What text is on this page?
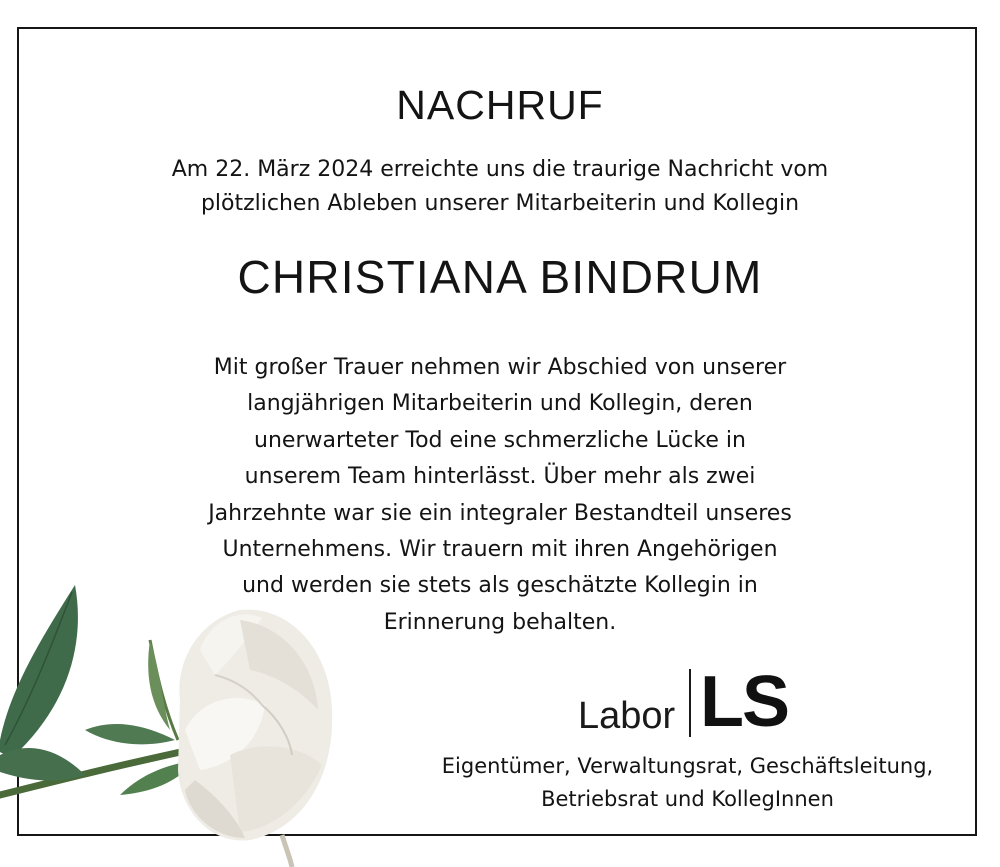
NACHRUF
Am 22. März 2024 erreichte uns die traurige Nachricht vom
plötzlichen Ableben unserer Mitarbeiterin und Kollegin
CHRISTIANA BINDRUM
Mit großer Trauer nehmen wir Abschied von unserer
langjährigen Mitarbeiterin und Kollegin, deren
unerwarteter Tod eine schmerzliche Lücke in
unserem Team hinterlässt. Über mehr als zwei
Jahrzehnte war sie ein integraler Bestandteil unseres
Unternehmens. Wir trauern mit ihren Angehörigen
und werden sie stets als geschätzte Kollegin in
Erinnerung behalten.
Labor LS
Eigentümer, Verwaltungsrat, Geschäftsleitung,
Betriebsrat und KollegInnen
